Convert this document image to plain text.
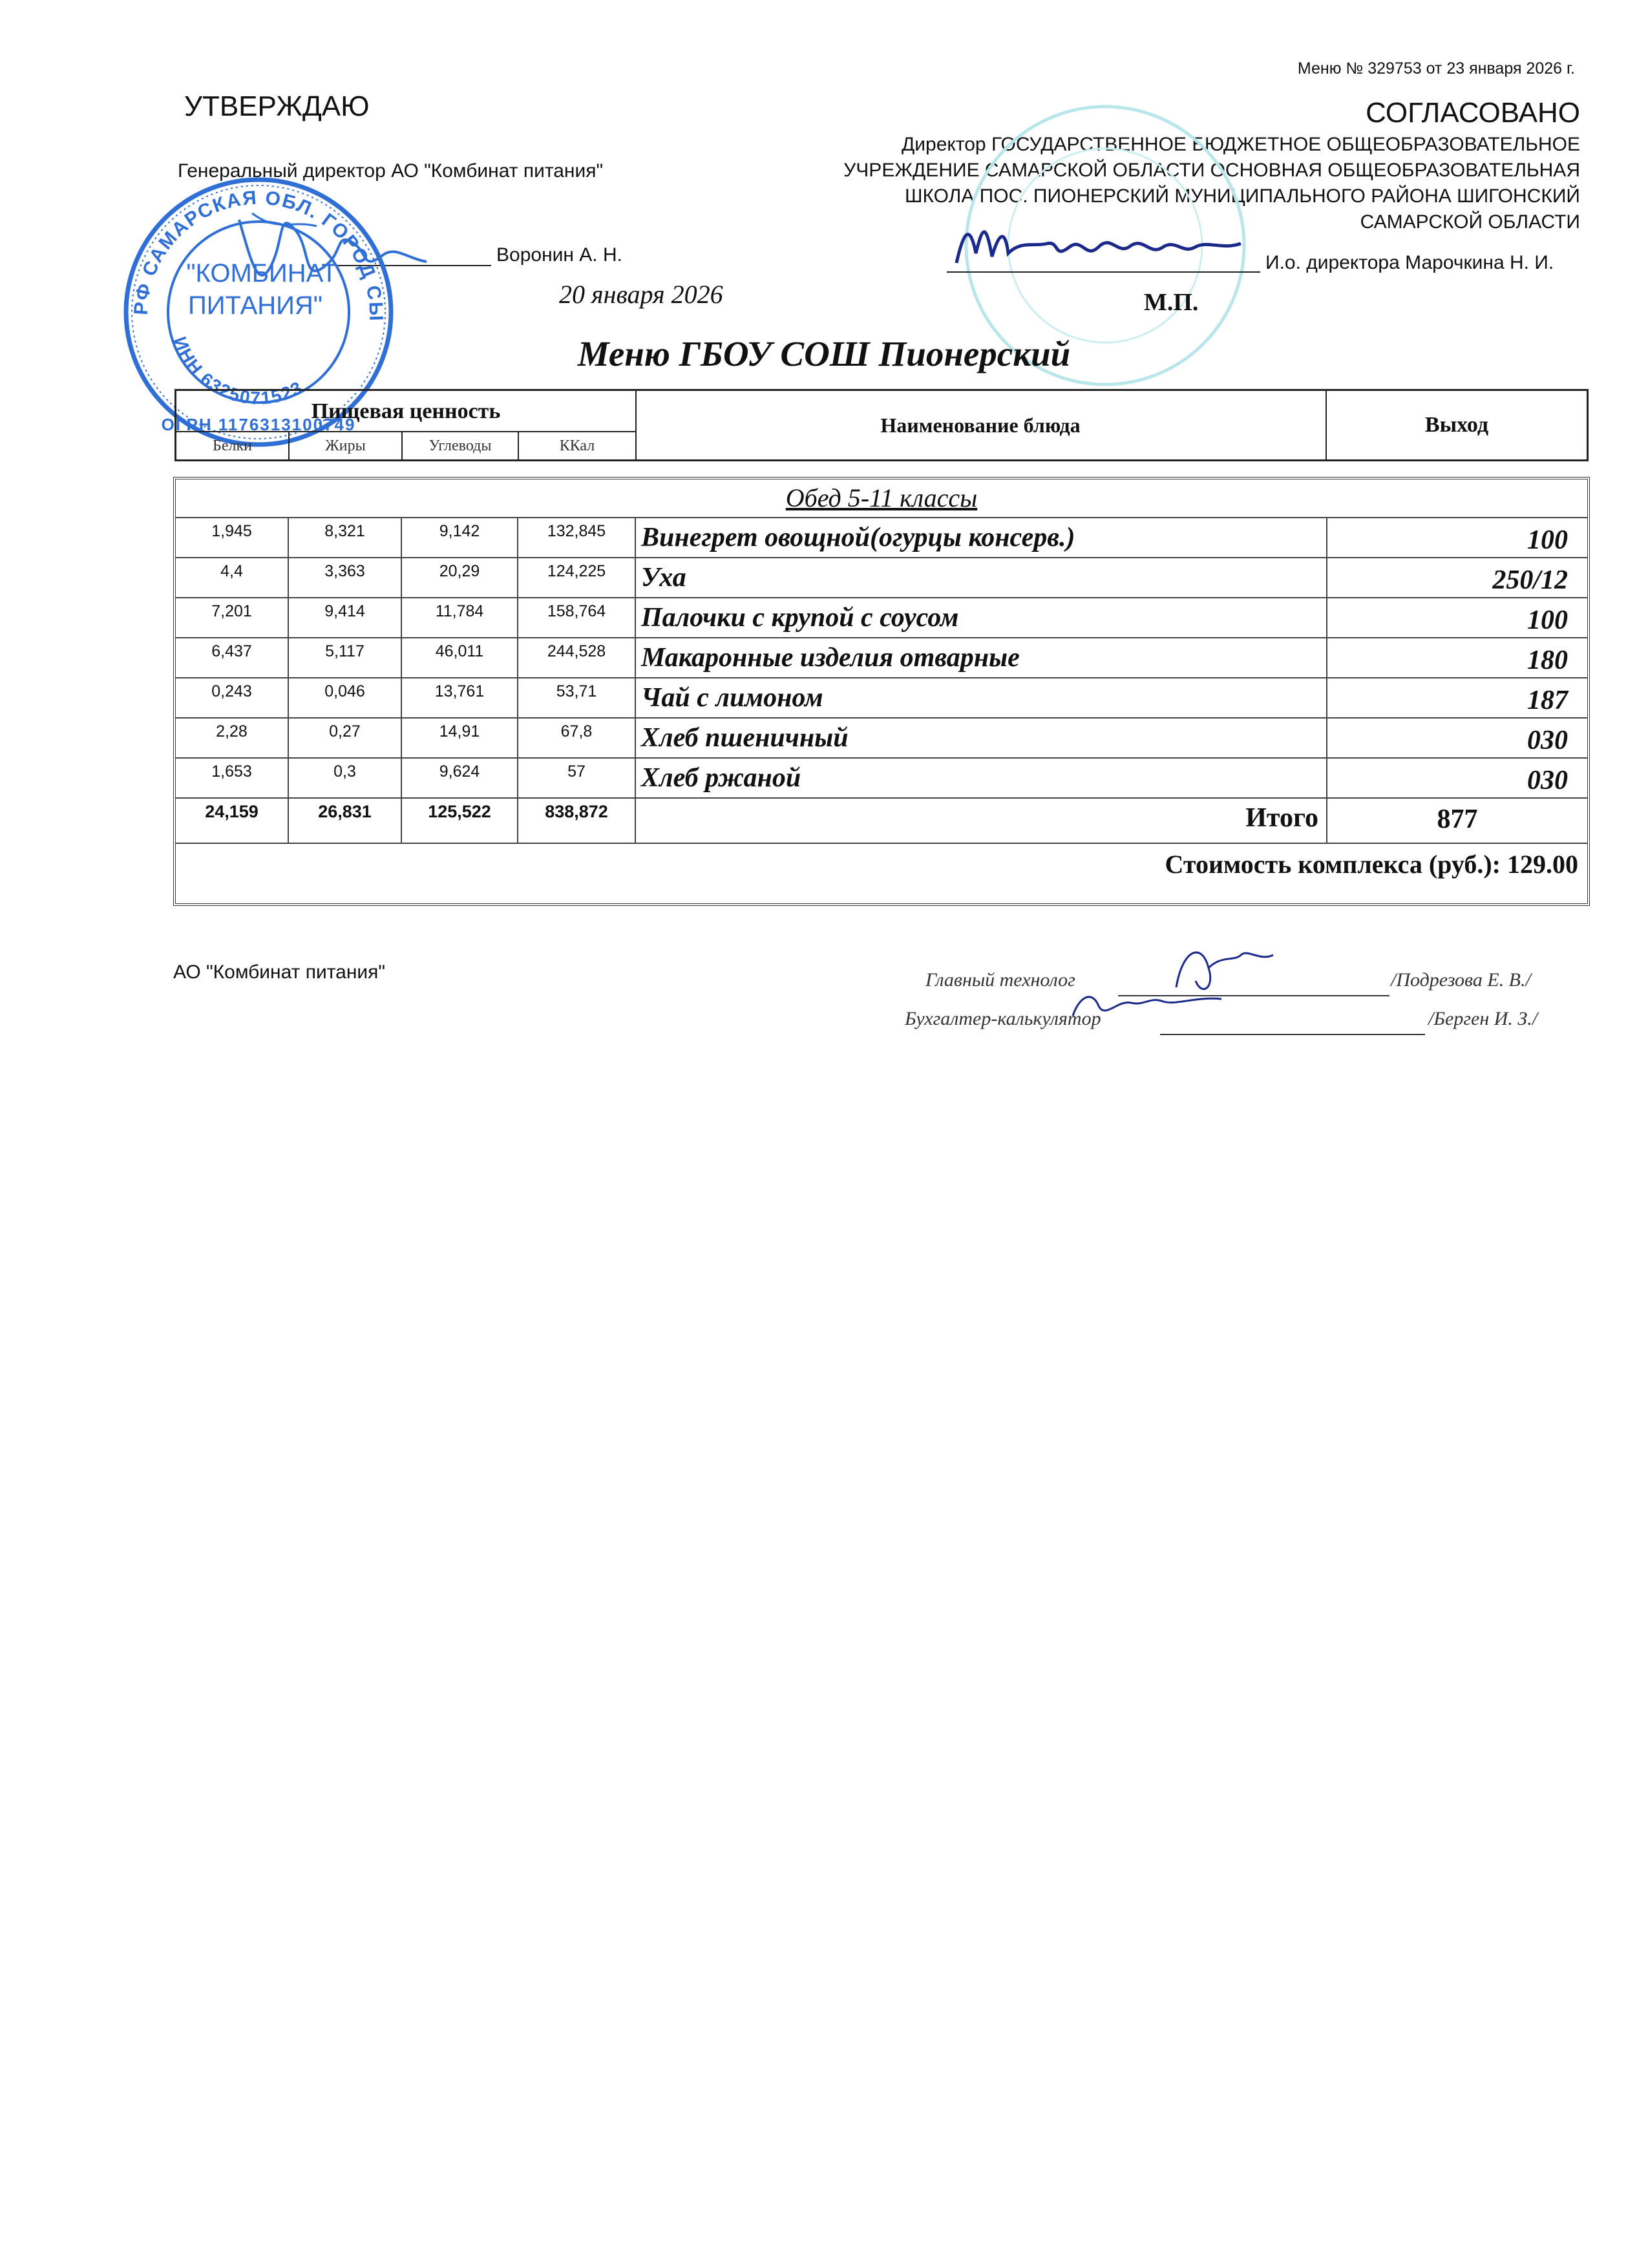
Меню № 329753 от 23 января 2026 г.
УТВЕРЖДАЮ
Генеральный директор АО "Комбинат питания"
Воронин А. Н.
20 января 2026
РФ САМАРСКАЯ ОБЛ. ГОРОД СЫЗРАНЬ АКЦИОНЕРНОЕ ОБЩЕСТВО
ИНН 6325071523
"КОМБИНАТ
ПИТАНИЯ"
ОГРН 1176313100749
СОГЛАСОВАНО
Директор ГОСУДАРСТВЕННОЕ БЮДЖЕТНОЕ ОБЩЕОБРАЗОВАТЕЛЬНОЕ
УЧРЕЖДЕНИЕ САМАРСКОЙ ОБЛАСТИ ОСНОВНАЯ ОБЩЕОБРАЗОВАТЕЛЬНАЯ
ШКОЛА ПОС. ПИОНЕРСКИЙ МУНИЦИПАЛЬНОГО РАЙОНА ШИГОНСКИЙ
САМАРСКОЙ ОБЛАСТИ
И.о. директора Марочкина Н. И.
М.П.
Меню ГБОУ СОШ Пионерский
Пищевая ценность
Белки	Жиры	Углеводы	ККал
Наименование блюда	Выход
Обед 5-11 классы
1,945	8,321	9,142	132,845	Винегрет овощной(огурцы консерв.)	100
4,4	3,363	20,29	124,225	Уха	250/12
7,201	9,414	11,784	158,764	Палочки с крупой с соусом	100
6,437	5,117	46,011	244,528	Макаронные изделия отварные	180
0,243	0,046	13,761	53,71	Чай с лимоном	187
2,28	0,27	14,91	67,8	Хлеб пшеничный	030
1,653	0,3	9,624	57	Хлеб ржаной	030
24,159	26,831	125,522	838,872	Итого	877
Стоимость комплекса (руб.): 129.00
АО "Комбинат питания"	Главный технолог	/Подрезова Е. В./
Бухгалтер-калькулятор	/Берген И. З./
